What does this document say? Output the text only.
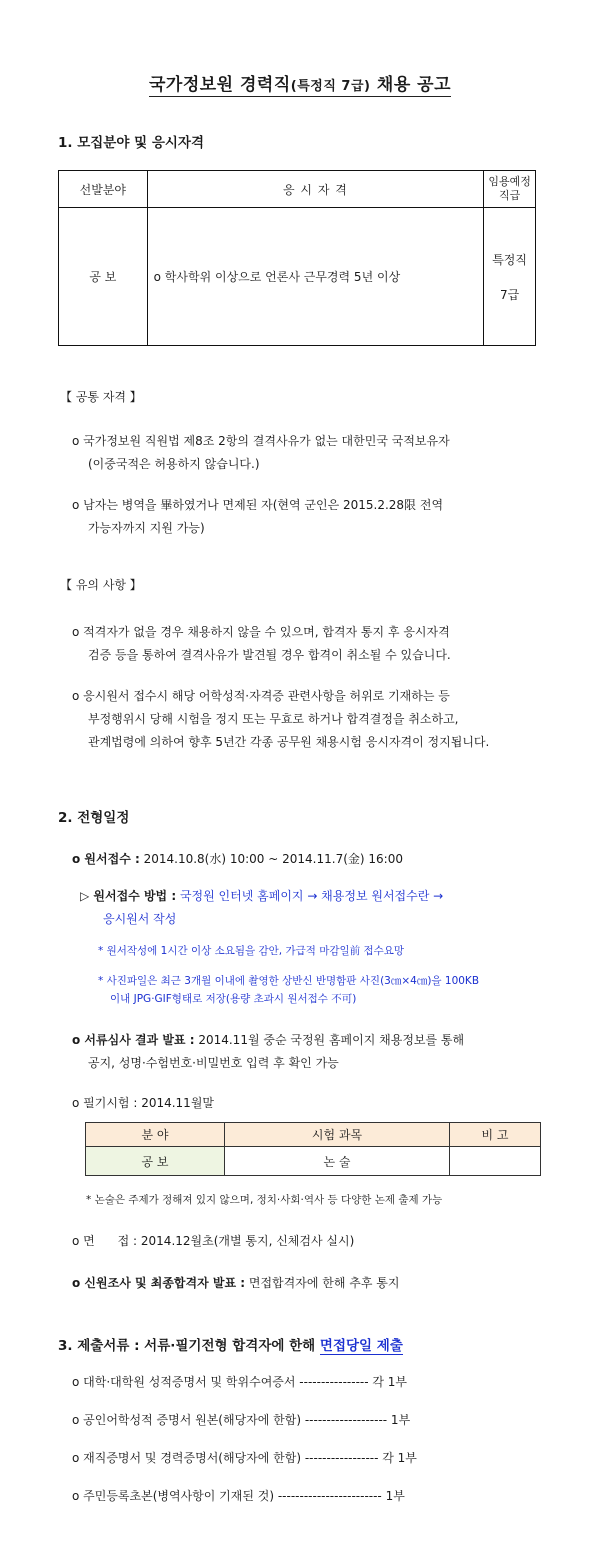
국가정보원 경력직(특정직 7급) 채용 공고
1. 모집분야 및 응시자격
선발분야	응 시 자 격	임용예정
직급

공 보	o 학사학위 이상으로 언론사 근무경력 5년 이상	특정직
7급
【 공통 자격 】
o 국가정보원 직원법 제8조 2항의 결격사유가 없는 대한민국 국적보유자
(이중국적은 허용하지 않습니다.)
o 남자는 병역을 畢하였거나 면제된 자(현역 군인은 2015.2.28限 전역
가능자까지 지원 가능)
【 유의 사항 】
o 적격자가 없을 경우 채용하지 않을 수 있으며, 합격자 통지 후 응시자격
검증 등을 통하여 결격사유가 발견될 경우 합격이 취소될 수 있습니다.
o 응시원서 접수시 해당 어학성적·자격증 관련사항을 허위로 기재하는 등
부정행위시 당해 시험을 정지 또는 무효로 하거나 합격결정을 취소하고,
관계법령에 의하여 향후 5년간 각종 공무원 채용시험 응시자격이 정지됩니다.
2. 전형일정
o 원서접수 : 2014.10.8(水) 10:00 ~ 2014.11.7(金) 16:00
▷ 원서접수 방법 : 국정원 인터넷 홈페이지 → 채용정보 원서접수란 →
응시원서 작성
* 원서작성에 1시간 이상 소요됨을 감안, 가급적 마감일前 접수요망
* 사진파일은 최근 3개월 이내에 촬영한 상반신 반명함판 사진(3㎝×4㎝)을 100KB
이내 JPG·GIF형태로 저장(용량 초과시 원서접수 不可)
o 서류심사 결과 발표 : 2014.11월 중순 국정원 홈페이지 채용정보를 통해
공지, 성명·수험번호·비밀번호 입력 후 확인 가능
o 필기시험 : 2014.11월말
분 야	시험 과목	비 고
공 보	논 술	
* 논술은 주제가 정해져 있지 않으며, 정치·사회·역사 등 다양한 논제 출제 가능
o 면      접 : 2014.12월초(개별 통지, 신체검사 실시)
o 신원조사 및 최종합격자 발표 : 면접합격자에 한해 추후 통지
3. 제출서류 : 서류·필기전형 합격자에 한해 면접당일 제출
o 대학·대학원 성적증명서 및 학위수여증서 ---------------- 각 1부
o 공인어학성적 증명서 원본(해당자에 한함) ------------------- 1부
o 재직증명서 및 경력증명서(해당자에 한함) ----------------- 각 1부
o 주민등록초본(병역사항이 기재된 것) ------------------------ 1부
